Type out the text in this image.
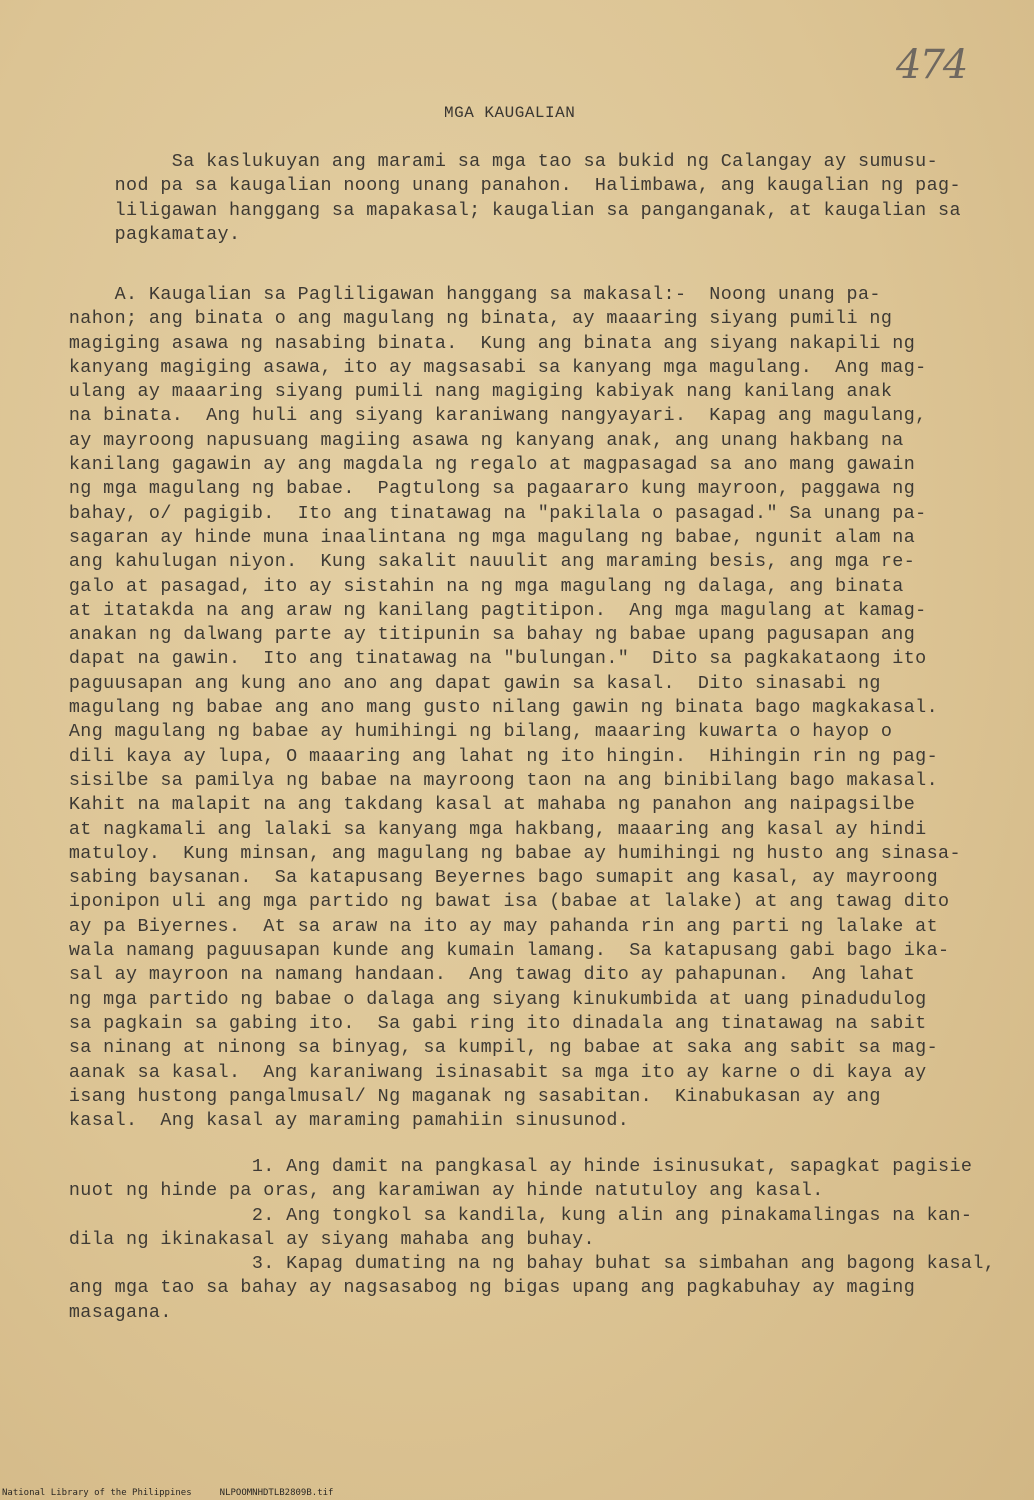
474
MGA KAUGALIAN
Sa kaslukuyan ang marami sa mga tao sa bukid ng Calangay ay sumusu-
nod pa sa kaugalian noong unang panahon.  Halimbawa, ang kaugalian ng pag-
liligawan hanggang sa mapakasal; kaugalian sa panganganak, at kaugalian sa
pagkamatay.
A. Kaugalian sa Pagliligawan hanggang sa makasal:-  Noong unang pa-
nahon; ang binata o ang magulang ng binata, ay maaaring siyang pumili ng
magiging asawa ng nasabing binata.  Kung ang binata ang siyang nakapili ng
kanyang magiging asawa, ito ay magsasabi sa kanyang mga magulang.  Ang mag-
ulang ay maaaring siyang pumili nang magiging kabiyak nang kanilang anak
na binata.  Ang huli ang siyang karaniwang nangyayari.  Kapag ang magulang,
ay mayroong napusuang magiing asawa ng kanyang anak, ang unang hakbang na
kanilang gagawin ay ang magdala ng regalo at magpasagad sa ano mang gawain
ng mga magulang ng babae.  Pagtulong sa pagaararo kung mayroon, paggawa ng
bahay, o/ pagigib.  Ito ang tinatawag na "pakilala o pasagad." Sa unang pa-
sagaran ay hinde muna inaalintana ng mga magulang ng babae, ngunit alam na
ang kahulugan niyon.  Kung sakalit nauulit ang maraming besis, ang mga re-
galo at pasagad, ito ay sistahin na ng mga magulang ng dalaga, ang binata
at itatakda na ang araw ng kanilang pagtitipon.  Ang mga magulang at kamag-
anakan ng dalwang parte ay titipunin sa bahay ng babae upang pagusapan ang
dapat na gawin.  Ito ang tinatawag na "bulungan."  Dito sa pagkakataong ito
paguusapan ang kung ano ano ang dapat gawin sa kasal.  Dito sinasabi ng
magulang ng babae ang ano mang gusto nilang gawin ng binata bago magkakasal.
Ang magulang ng babae ay humihingi ng bilang, maaaring kuwarta o hayop o
dili kaya ay lupa, O maaaring ang lahat ng ito hingin.  Hihingin rin ng pag-
sisilbe sa pamilya ng babae na mayroong taon na ang binibilang bago makasal.
Kahit na malapit na ang takdang kasal at mahaba ng panahon ang naipagsilbe
at nagkamali ang lalaki sa kanyang mga hakbang, maaaring ang kasal ay hindi
matuloy.  Kung minsan, ang magulang ng babae ay humihingi ng husto ang sinasa-
sabing baysanan.  Sa katapusang Beyernes bago sumapit ang kasal, ay mayroong
iponipon uli ang mga partido ng bawat isa (babae at lalake) at ang tawag dito
ay pa Biyernes.  At sa araw na ito ay may pahanda rin ang parti ng lalake at
wala namang paguusapan kunde ang kumain lamang.  Sa katapusang gabi bago ika-
sal ay mayroon na namang handaan.  Ang tawag dito ay pahapunan.  Ang lahat
ng mga partido ng babae o dalaga ang siyang kinukumbida at uang pinadudulog
sa pagkain sa gabing ito.  Sa gabi ring ito dinadala ang tinatawag na sabit
sa ninang at ninong sa binyag, sa kumpil, ng babae at saka ang sabit sa mag-
aanak sa kasal.  Ang karaniwang isinasabit sa mga ito ay karne o di kaya ay
isang hustong pangalmusal/ Ng maganak ng sasabitan.  Kinabukasan ay ang
kasal.  Ang kasal ay maraming pamahiin sinusunod.
1. Ang damit na pangkasal ay hinde isinusukat, sapagkat pagisie
nuot ng hinde pa oras, ang karamiwan ay hinde natutuloy ang kasal.
2. Ang tongkol sa kandila, kung alin ang pinakamalingas na kan-
dila ng ikinakasal ay siyang mahaba ang buhay.
3. Kapag dumating na ng bahay buhat sa simbahan ang bagong kasal,
ang mga tao sa bahay ay nagsasabog ng bigas upang ang pagkabuhay ay maging
masagana.
National Library of the Philippines	NLPOOMNHDTLB2809B.tif
